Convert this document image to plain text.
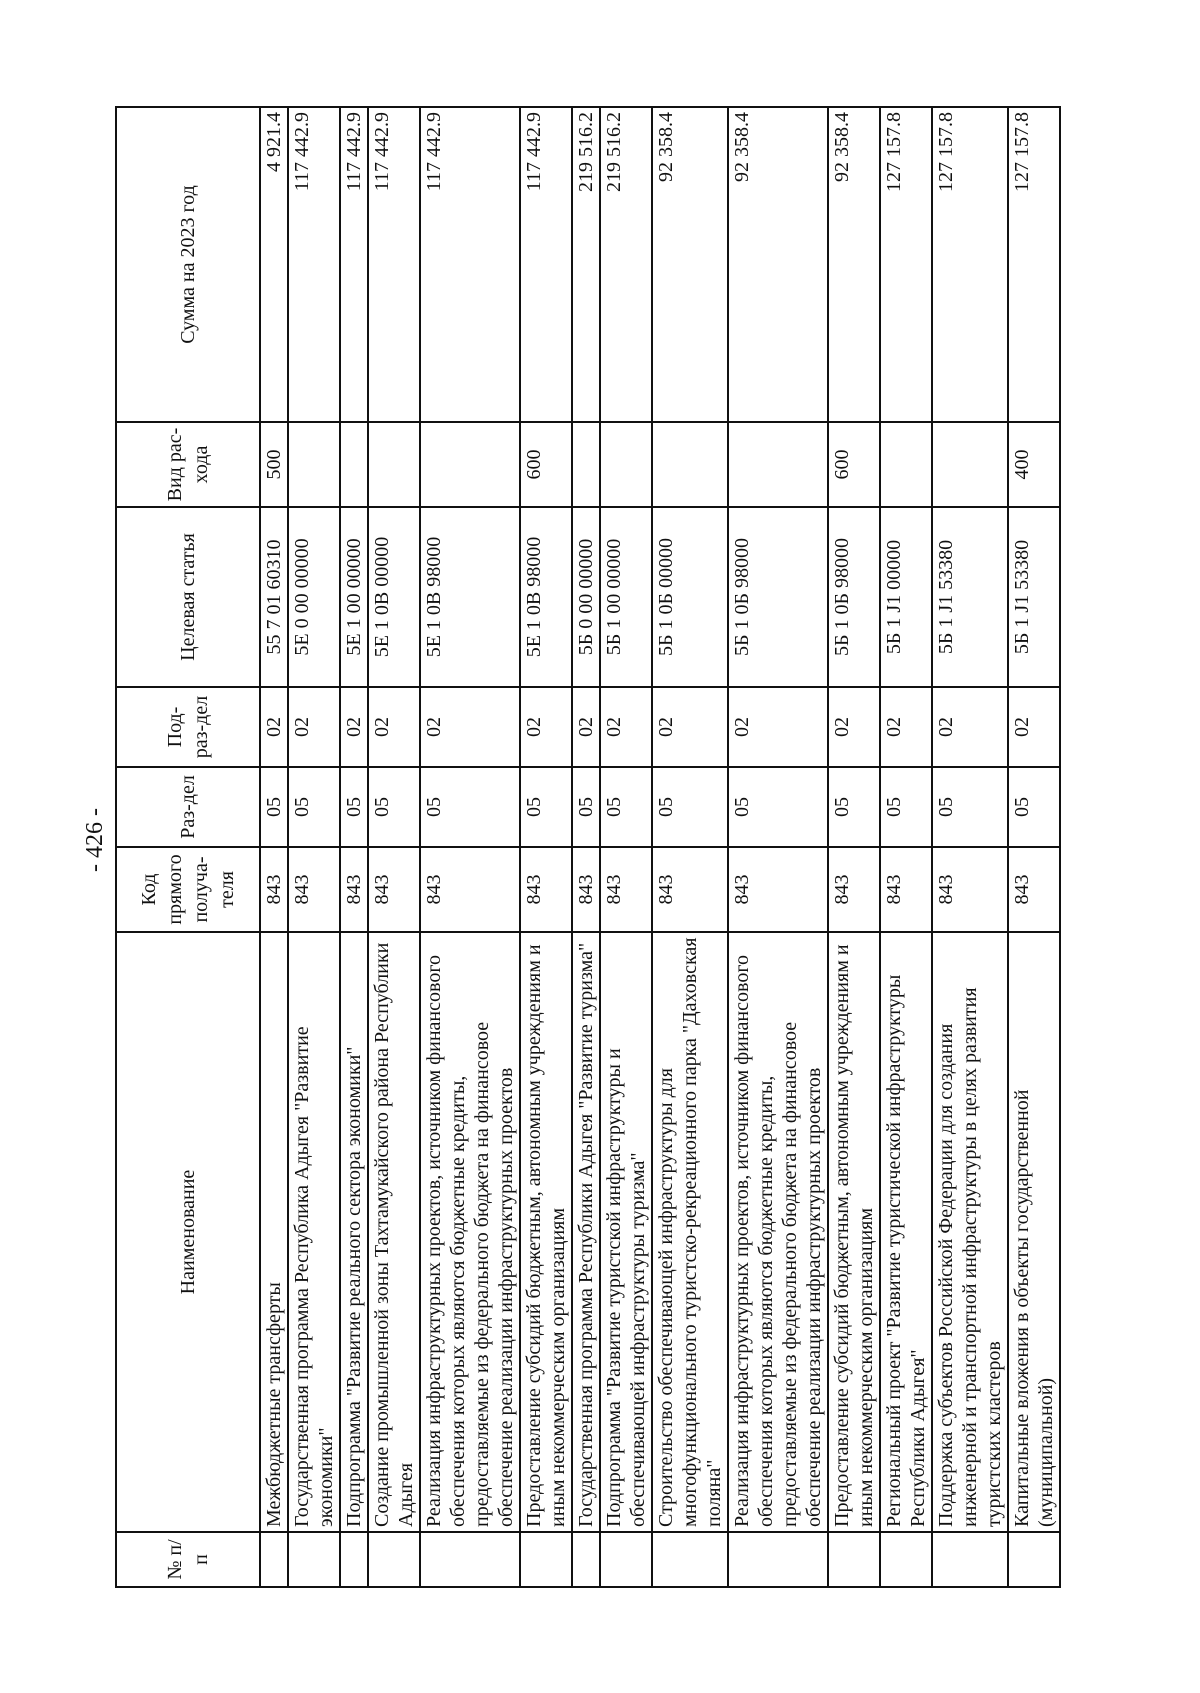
- 426 -
№ п/п	Наименование	Код прямого получа-теля	Раз-дел	Под-раз-дел	Целевая статья	Вид рас-хода	Сумма на 2023 год
	Межбюджетные трансферты	843	05	02	55 7 01 60310	500	4 921.4
	Государственная программа Республика Адыгея "Развитие экономики"	843	05	02	5Е 0 00 00000		117 442.9
	Подпрограмма "Развитие реального сектора экономики"	843	05	02	5Е 1 00 00000		117 442.9
	Создание промышленной зоны Тахтамукайского района Республики Адыгея	843	05	02	5Е 1 0В 00000		117 442.9
	Реализация инфраструктурных проектов, источником финансового обеспечения которых являются бюджетные кредиты, предоставляемые из федерального бюджета на финансовое обеспечение реализации инфраструктурных проектов	843	05	02	5Е 1 0В 98000		117 442.9
	Предоставление субсидий бюджетным, автономным учреждениям и иным некоммерческим организациям	843	05	02	5Е 1 0В 98000	600	117 442.9
	Государственная программа Республики Адыгея "Развитие туризма"	843	05	02	5Б 0 00 00000		219 516.2
	Подпрограмма "Развитие туристской инфраструктуры и обеспечивающей инфраструктуры туризма"	843	05	02	5Б 1 00 00000		219 516.2
	Строительство обеспечивающей инфраструктуры для многофункционального туристско-рекреационного парка "Даховская поляна"	843	05	02	5Б 1 0Б 00000		92 358.4
	Реализация инфраструктурных проектов, источником финансового обеспечения которых являются бюджетные кредиты, предоставляемые из федерального бюджета на финансовое обеспечение реализации инфраструктурных проектов	843	05	02	5Б 1 0Б 98000		92 358.4
	Предоставление субсидий бюджетным, автономным учреждениям и иным некоммерческим организациям	843	05	02	5Б 1 0Б 98000	600	92 358.4
	Региональный проект "Развитие туристической инфраструктуры Республики Адыгея"	843	05	02	5Б 1 J1 00000		127 157.8
	Поддержка субъектов Российской Федерации для создания инженерной и транспортной инфраструктуры в целях развития туристских кластеров	843	05	02	5Б 1 J1 53380		127 157.8
	Капитальные вложения в объекты государственной (муниципальной)	843	05	02	5Б 1 J1 53380	400	127 157.8
